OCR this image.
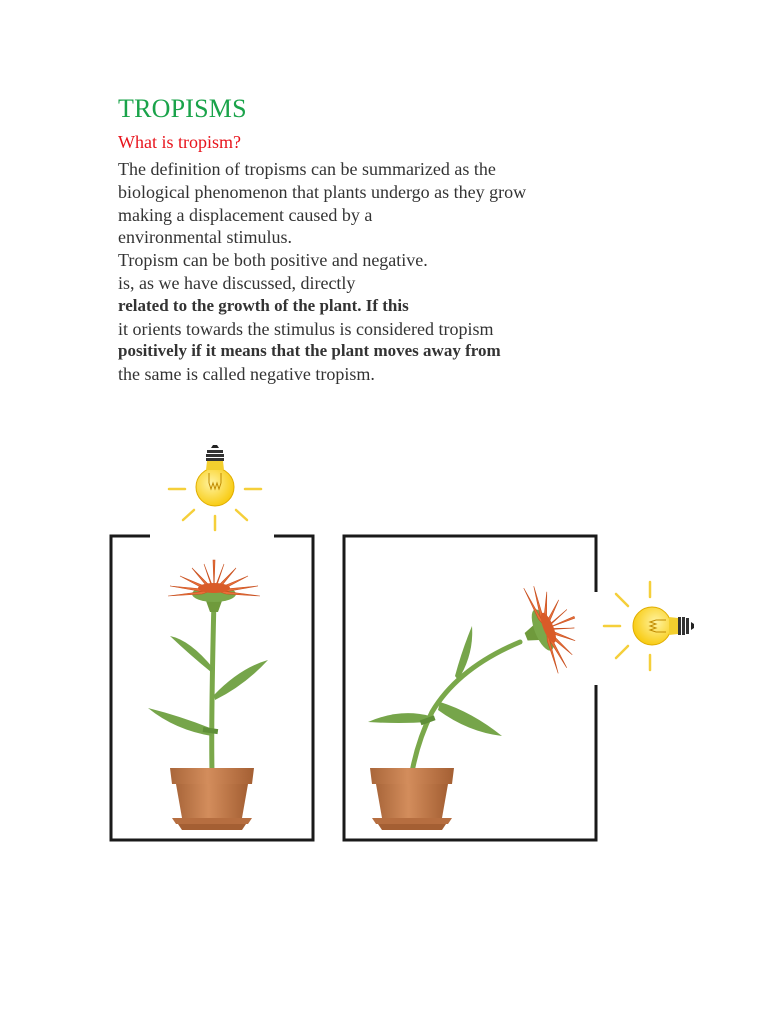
TROPISMS

What is tropism?

The definition of tropisms can be summarized as the
biological phenomenon that plants undergo as they grow
making a displacement caused by a
environmental stimulus.
Tropism can be both positive and negative.
is, as we have discussed, directly
related to the growth of the plant. If this
it orients towards the stimulus is considered tropism
positively if it means that the plant moves away from
the same is called negative tropism.
